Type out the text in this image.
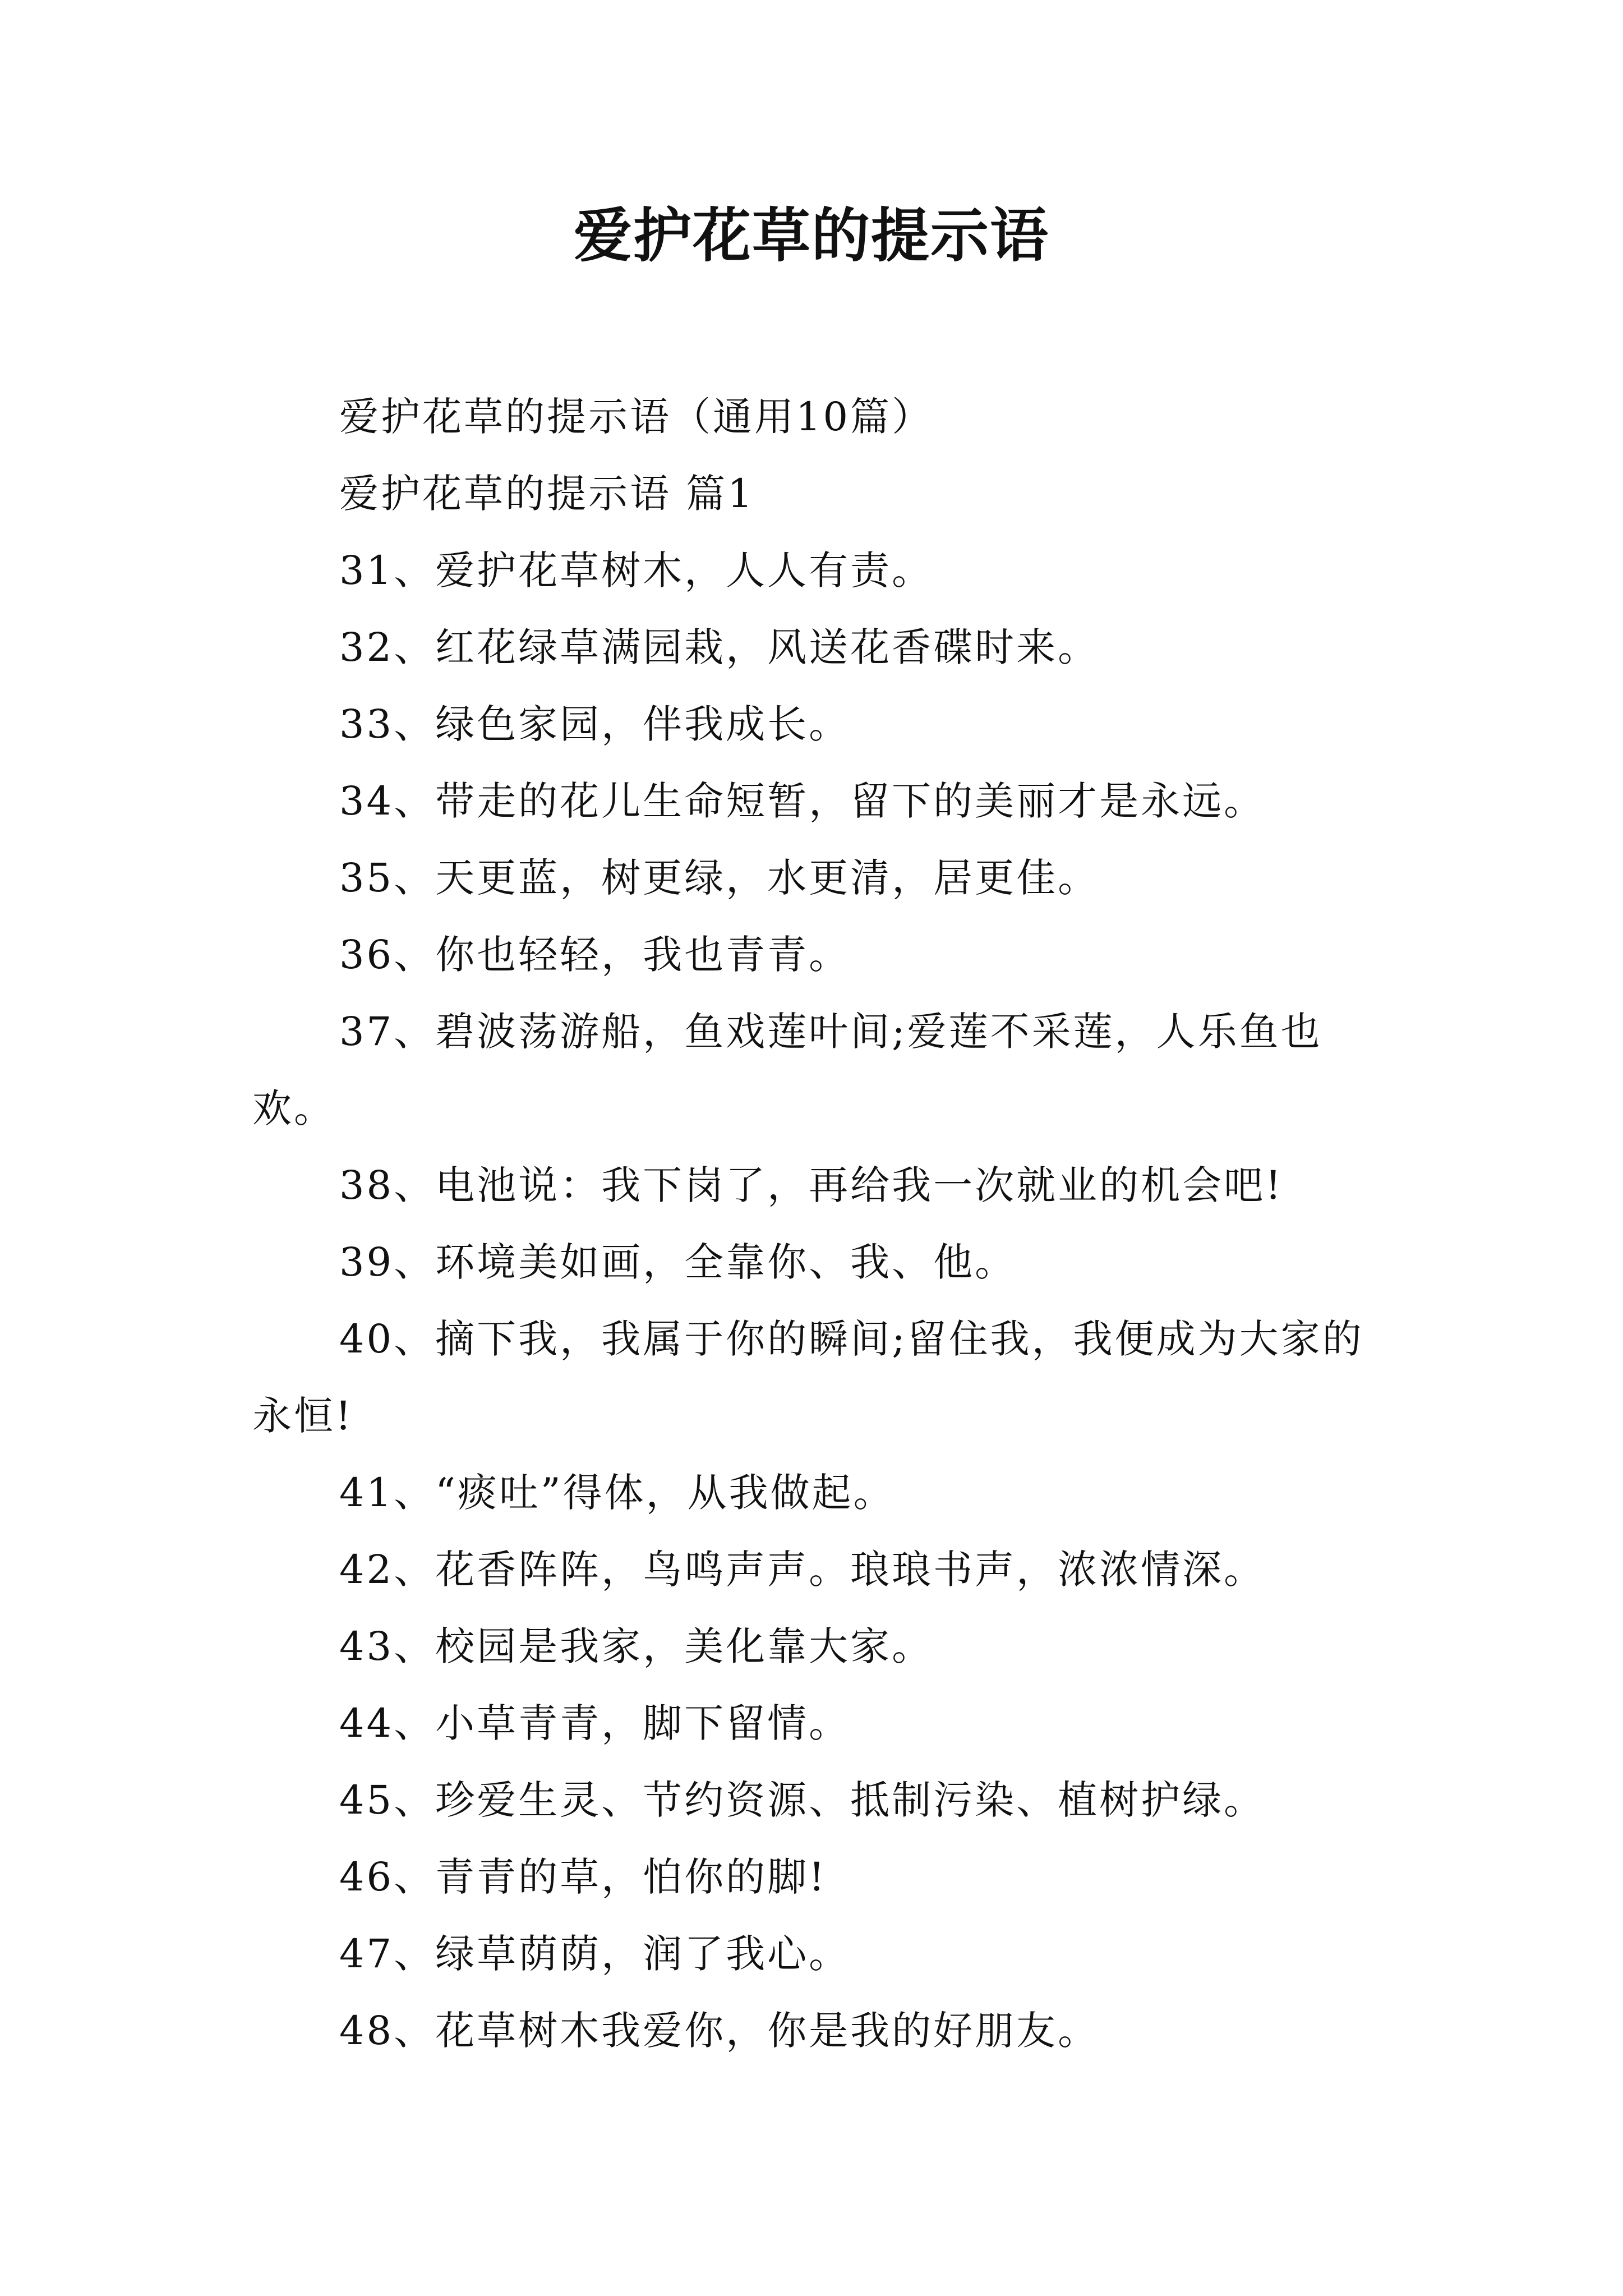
爱护花草的提示语

爱护花草的提示语（通用10篇）

爱护花草的提示语 篇1

31、爱护花草树木，人人有责。

32、红花绿草满园栽，风送花香碟时来。

33、绿色家园，伴我成长。

34、带走的花儿生命短暂，留下的美丽才是永远。

35、天更蓝，树更绿，水更清，居更佳。

36、你也轻轻，我也青青。

37、碧波荡游船，鱼戏莲叶间;爱莲不采莲，人乐鱼也欢。

38、电池说：我下岗了，再给我一次就业的机会吧!

39、环境美如画，全靠你、我、他。

40、摘下我，我属于你的瞬间;留住我，我便成为大家的永恒!

41、“痰吐”得体，从我做起。

42、花香阵阵，鸟鸣声声。琅琅书声，浓浓情深。

43、校园是我家，美化靠大家。

44、小草青青，脚下留情。

45、珍爱生灵、节约资源、抵制污染、植树护绿。

46、青青的草，怕你的脚!

47、绿草荫荫，润了我心。

48、花草树木我爱你，你是我的好朋友。
